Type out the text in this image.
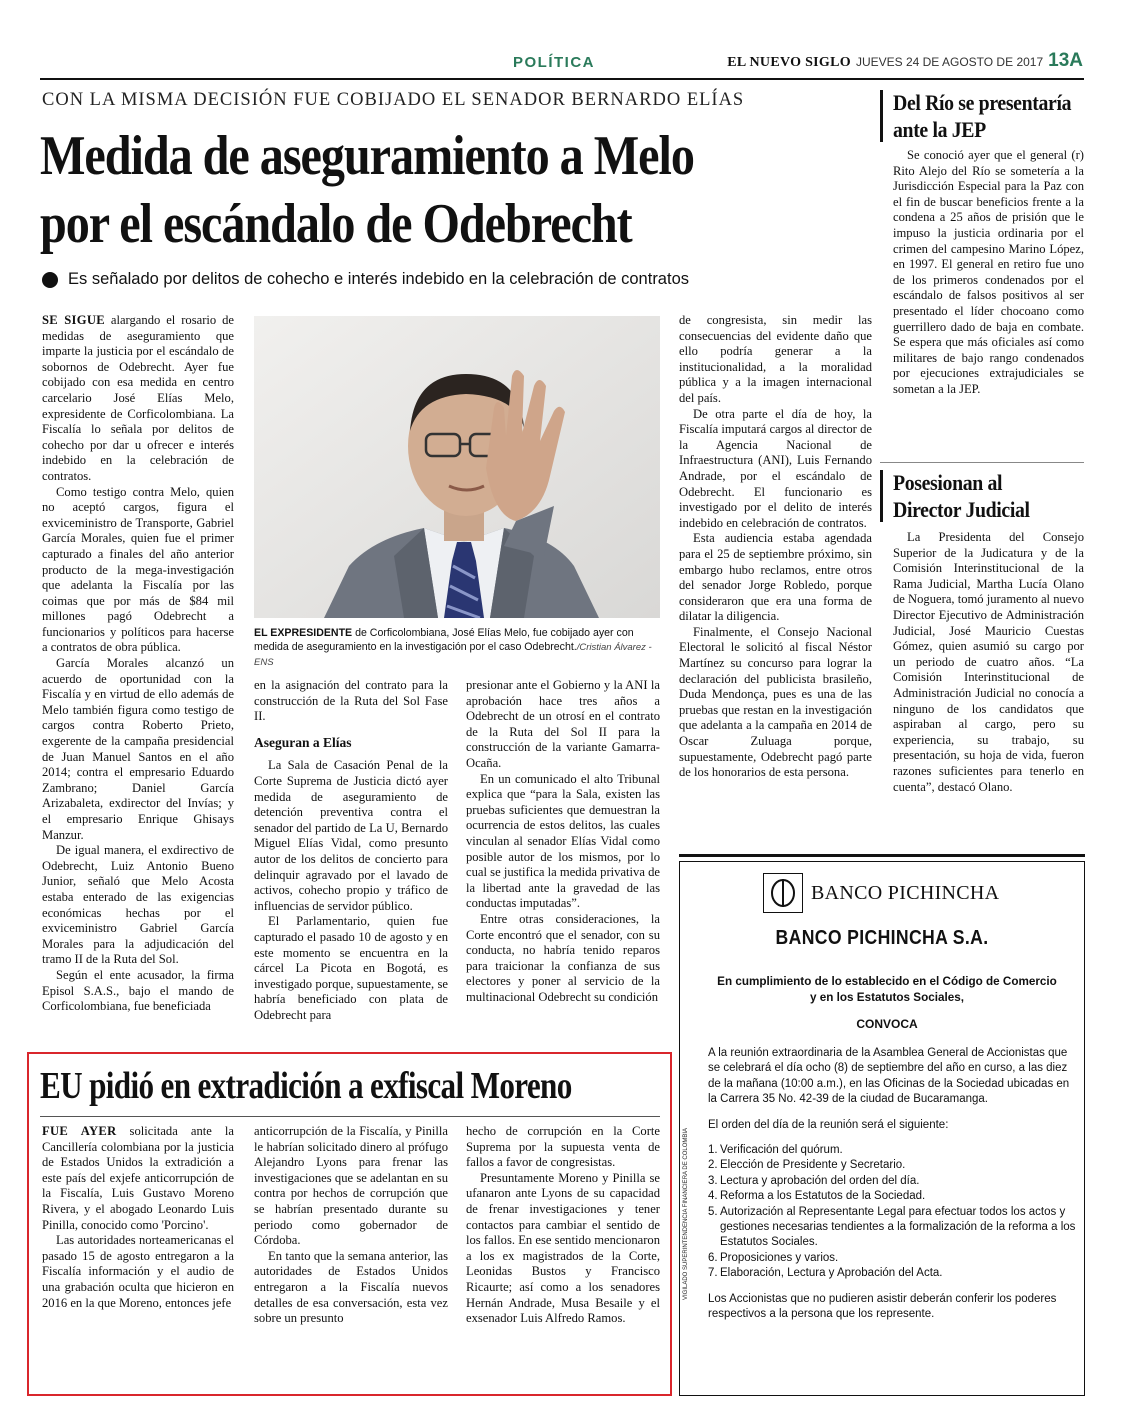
POLÍTICA	EL NUEVO SIGLO JUEVES 24 DE AGOSTO DE 2017 13A
CON LA MISMA DECISIÓN FUE COBIJADO EL SENADOR BERNARDO ELÍAS
Medida de aseguramiento a Melo
por el escándalo de Odebrecht
Es señalado por delitos de cohecho e interés indebido en la celebración de contratos

SE SIGUE alargando el rosario de medidas de aseguramiento que imparte la justicia por el escándalo de sobornos de Odebrecht. Ayer fue cobijado con esa medida en centro carcelario José Elías Melo, expresidente de Corficolombiana. La Fiscalía lo señala por delitos de cohecho por dar u ofrecer e interés indebido en la celebración de contratos.

Como testigo contra Melo, quien no aceptó cargos, figura el exviceministro de Transporte, Gabriel García Morales, quien fue el primer capturado a finales del año anterior producto de la mega-investigación que adelanta la Fiscalía por las coimas que por más de $84 mil millones pagó Odebrecht a funcionarios y políticos para hacerse a contratos de obra pública.

García Morales alcanzó un acuerdo de oportunidad con la Fiscalía y en virtud de ello además de Melo también figura como testigo de cargos contra Roberto Prieto, exgerente de la campaña presidencial de Juan Manuel Santos en el año 2014; contra el empresario Eduardo Zambrano; Daniel García Arizabaleta, exdirector del Invías; y el empresario Enrique Ghisays Manzur.

De igual manera, el exdirectivo de Odebrecht, Luiz Antonio Bueno Junior, señaló que Melo Acosta estaba enterado de las exigencias económicas hechas por el exviceministro Gabriel García Morales para la adjudicación del tramo II de la Ruta del Sol.

Según el ente acusador, la firma Episol S.A.S., bajo el mando de Corficolombiana, fue beneficiada

EL EXPRESIDENTE de Corficolombiana, José Elías Melo, fue cobijado ayer con medida de aseguramiento en la investigación por el caso Odebrecht./Cristian Álvarez -ENS

en la asignación del contrato para la construcción de la Ruta del Sol Fase II.

Aseguran a Elías

La Sala de Casación Penal de la Corte Suprema de Justicia dictó ayer medida de aseguramiento de detención preventiva contra el senador del partido de La U, Bernardo Miguel Elías Vidal, como presunto autor de los delitos de concierto para delinquir agravado por el lavado de activos, cohecho propio y tráfico de influencias de servidor público.

El Parlamentario, quien fue capturado el pasado 10 de agosto y en este momento se encuentra en la cárcel La Picota en Bogotá, es investigado porque, supuestamente, se habría beneficiado con plata de Odebrecht para

presionar ante el Gobierno y la ANI la aprobación hace tres años a Odebrecht de un otrosí en el contrato de la Ruta del Sol II para la construcción de la variante Gamarra-Ocaña.

En un comunicado el alto Tribunal explica que “para la Sala, existen las pruebas suficientes que demuestran la ocurrencia de estos delitos, las cuales vinculan al senador Elías Vidal como posible autor de los mismos, por lo cual se justifica la medida privativa de la libertad ante la gravedad de las conductas imputadas”.

Entre otras consideraciones, la Corte encontró que el senador, con su conducta, no habría tenido reparos para traicionar la confianza de sus electores y poner al servicio de la multinacional Odebrecht su condición

de congresista, sin medir las consecuencias del evidente daño que ello podría generar a la institucionalidad, a la moralidad pública y a la imagen internacional del país.

De otra parte el día de hoy, la Fiscalía imputará cargos al director de la Agencia Nacional de Infraestructura (ANI), Luis Fernando Andrade, por el escándalo de Odebrecht. El funcionario es investigado por el delito de interés indebido en celebración de contratos.

Esta audiencia estaba agendada para el 25 de septiembre próximo, sin embargo hubo reclamos, entre otros del senador Jorge Robledo, porque consideraron que era una forma de dilatar la diligencia.

Finalmente, el Consejo Nacional Electoral le solicitó al fiscal Néstor Martínez su concurso para lograr la declaración del publicista brasileño, Duda Mendonça, pues es una de las pruebas que restan en la investigación que adelanta a la campaña en 2014 de Oscar Zuluaga porque, supuestamente, Odebrecht pagó parte de los honorarios de esta persona.

Del Río se presentaría
ante la JEP

Se conoció ayer que el general (r) Rito Alejo del Río se sometería a la Jurisdicción Especial para la Paz con el fin de buscar beneficios frente a la condena a 25 años de prisión que le impuso la justicia ordinaria por el crimen del campesino Marino López, en 1997. El general en retiro fue uno de los primeros condenados por el escándalo de falsos positivos al ser presentado el líder chocoano como guerrillero dado de baja en combate. Se espera que más oficiales así como militares de bajo rango condenados por ejecuciones extrajudiciales se sometan a la JEP.

Posesionan al
Director Judicial

La Presidenta del Consejo Superior de la Judicatura y de la Comisión Interinstitucional de la Rama Judicial, Martha Lucía Olano de Noguera, tomó juramento al nuevo Director Ejecutivo de Administración Judicial, José Mauricio Cuestas Gómez, quien asumió su cargo por un periodo de cuatro años. “La Comisión Interinstitucional de Administración Judicial no conocía a ninguno de los candidatos que aspiraban al cargo, pero su experiencia, su trabajo, su presentación, su hoja de vida, fueron razones suficientes para tenerlo en cuenta”, destacó Olano.

EU pidió en extradición a exfiscal Moreno

FUE AYER solicitada ante la Cancillería colombiana por la justicia de Estados Unidos la extradición a este país del exjefe anticorrupción de la Fiscalía, Luis Gustavo Moreno Rivera, y el abogado Leonardo Luis Pinilla, conocido como 'Porcino'.

Las autoridades norteamericanas el pasado 15 de agosto entregaron a la Fiscalía información y el audio de una grabación oculta que hicieron en 2016 en la que Moreno, entonces jefe

anticorrupción de la Fiscalía, y Pinilla le habrían solicitado dinero al prófugo Alejandro Lyons para frenar las investigaciones que se adelantan en su contra por hechos de corrupción que se habrían presentado durante su periodo como gobernador de Córdoba.

En tanto que la semana anterior, las autoridades de Estados Unidos entregaron a la Fiscalía nuevos detalles de esa conversación, esta vez sobre un presunto

hecho de corrupción en la Corte Suprema por la supuesta venta de fallos a favor de congresistas.

Presuntamente Moreno y Pinilla se ufanaron ante Lyons de su capacidad de frenar investigaciones y tener contactos para cambiar el sentido de los fallos. En ese sentido mencionaron a los ex magistrados de la Corte, Leonidas Bustos y Francisco Ricaurte; así como a los senadores Hernán Andrade, Musa Besaile y el exsenador Luis Alfredo Ramos.

VIGILADO SUPERINTENDENCIA FINANCIERA DE COLOMBIA
BANCO PICHINCHA
BANCO PICHINCHA S.A.
En cumplimiento de lo establecido en el Código de Comercio
y en los Estatutos Sociales,
CONVOCA

A la reunión extraordinaria de la Asamblea General de Accionistas que se celebrará el día ocho (8) de septiembre del año en curso, a las diez de la mañana (10:00 a.m.), en las Oficinas de la Sociedad ubicadas en la Carrera 35 No. 42-39 de la ciudad de Bucaramanga.

El orden del día de la reunión será el siguiente:

1. Verificación del quórum.
2. Elección de Presidente y Secretario.
3. Lectura y aprobación del orden del día.
4. Reforma a los Estatutos de la Sociedad.
5. Autorización al Representante Legal para efectuar todos los actos y gestiones necesarias tendientes a la formalización de la reforma a los Estatutos Sociales.
6. Proposiciones y varios.
7. Elaboración, Lectura y Aprobación del Acta.

Los Accionistas que no pudieren asistir deberán conferir los poderes respectivos a la persona que los represente.
